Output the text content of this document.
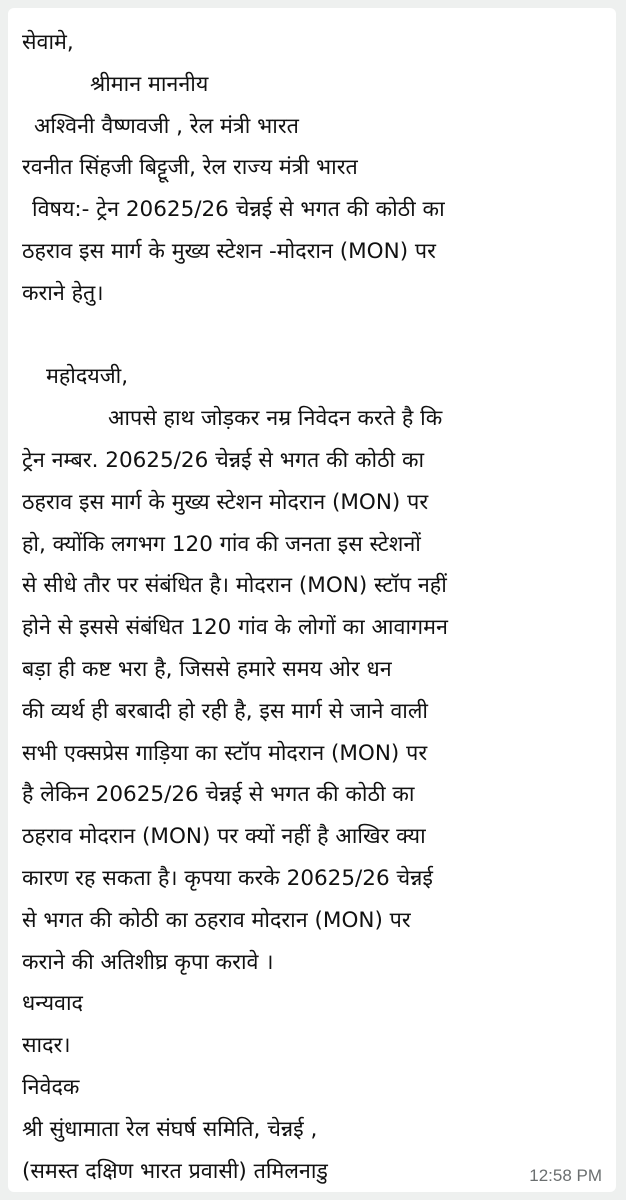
सेवामे,
श्रीमान माननीय
अश्विनी वैष्णवजी , रेल मंत्री भारत
रवनीत सिंहजी बिट्टूजी, रेल राज्य मंत्री भारत
विषय:- ट्रेन 20625/26 चेन्नई से भगत की कोठी का
ठहराव इस मार्ग के मुख्य स्टेशन -मोदरान (MON) पर
कराने हेतु।
महोदयजी,
आपसे हाथ जोड़कर नम्र निवेदन करते है कि
ट्रेन नम्बर. 20625/26 चेन्नई से भगत की कोठी का
ठहराव इस मार्ग के मुख्य स्टेशन मोदरान (MON) पर
हो, क्योंकि लगभग 120 गांव की जनता इस स्टेशनों
से सीधे तौर पर संबंधित है। मोदरान (MON) स्टॉप नहीं
होने से इससे संबंधित 120 गांव के लोगों का आवागमन
बड़ा ही कष्ट भरा है, जिससे हमारे समय ओर धन
की व्यर्थ ही बरबादी हो रही है, इस मार्ग से जाने वाली
सभी एक्सप्रेस गाड़िया का स्टॉप मोदरान (MON) पर
है लेकिन 20625/26 चेन्नई से भगत की कोठी का
ठहराव मोदरान (MON) पर क्यों नहीं है आखिर क्या
कारण रह सकता है। कृपया करके 20625/26 चेन्नई
से भगत की कोठी का ठहराव मोदरान (MON) पर
कराने की अतिशीघ्र कृपा करावे ।
धन्यवाद
सादर।
निवेदक
श्री सुंधामाता रेल संघर्ष समिति, चेन्नई ,
(समस्त दक्षिण भारत प्रवासी) तमिलनाडु	12:58 PM
